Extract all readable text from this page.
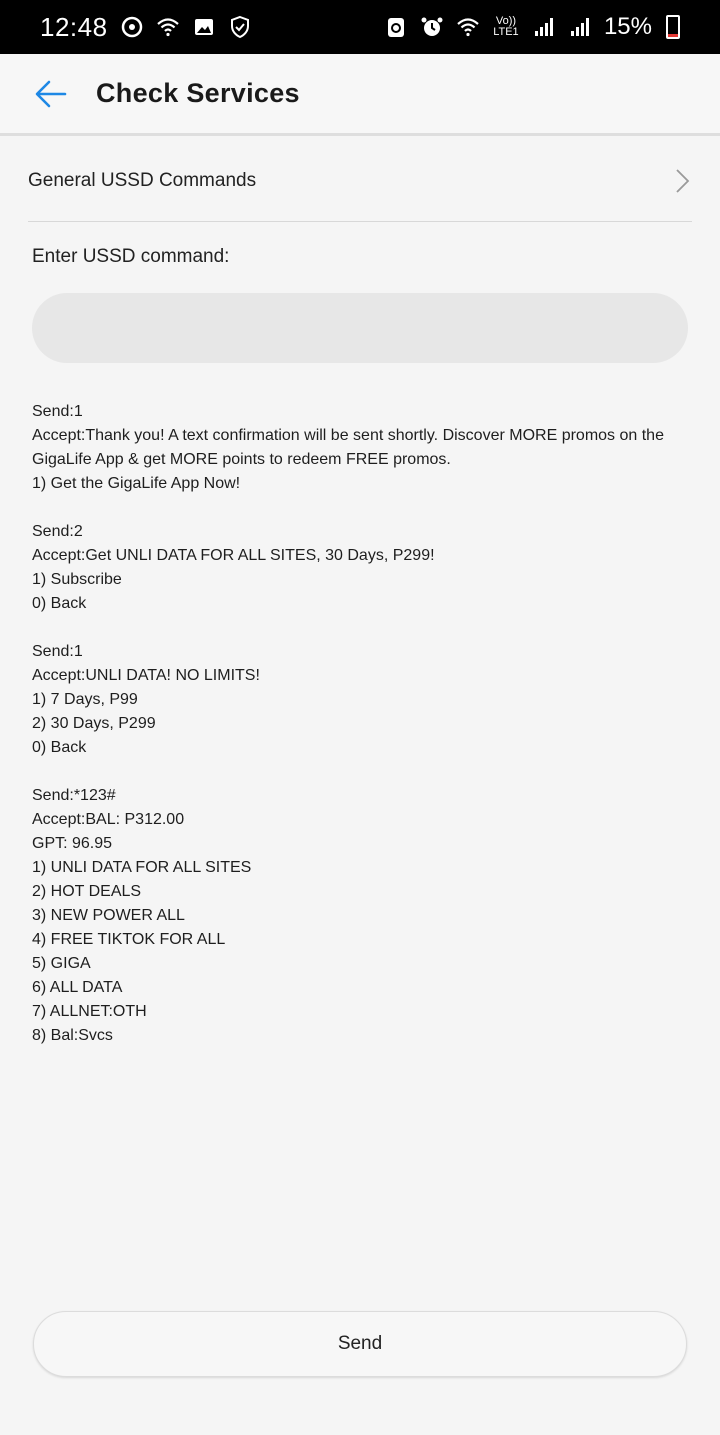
12:48	Vo)) LTE1	15%
Check Services
General USSD Commands
Enter USSD command:
Send:1
Accept:Thank you! A text confirmation will be sent shortly. Discover MORE promos on the GigaLife App & get MORE points to redeem FREE promos.
1) Get the GigaLife App Now!
Send:2
Accept:Get UNLI DATA FOR ALL SITES, 30 Days, P299!
1) Subscribe
0) Back
Send:1
Accept:UNLI DATA! NO LIMITS!
1) 7 Days, P99
2) 30 Days, P299
0) Back
Send:*123#
Accept:BAL: P312.00
GPT: 96.95
1) UNLI DATA FOR ALL SITES
2) HOT DEALS
3) NEW POWER ALL
4) FREE TIKTOK FOR ALL
5) GIGA
6) ALL DATA
7) ALLNET:OTH
8) Bal:Svcs
Send
